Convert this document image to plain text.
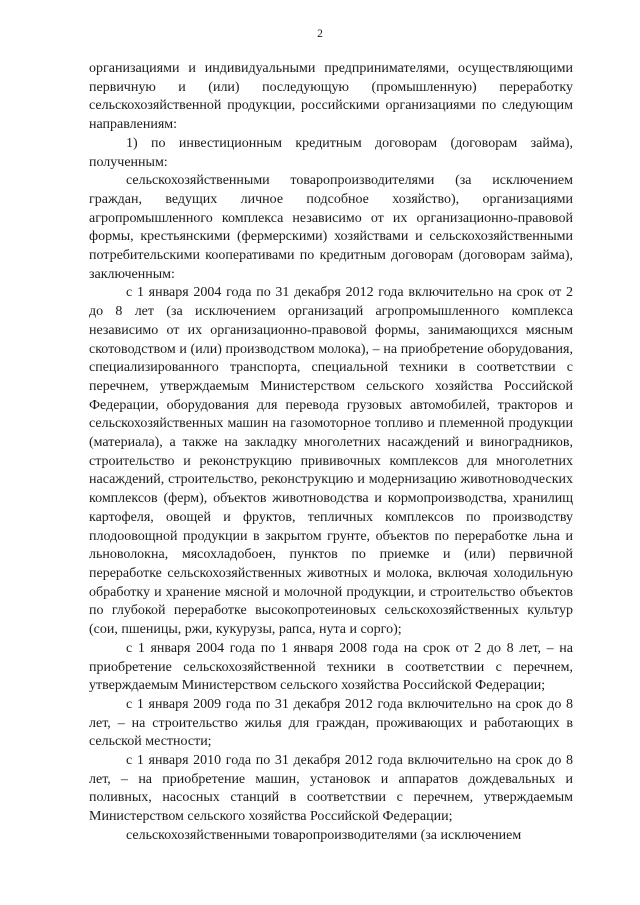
2

организациями и индивидуальными предпринимателями, осуществляющими первичную и (или) последующую (промышленную) переработку сельскохозяйственной продукции, российскими организациями по следующим направлениям:

1) по инвестиционным кредитным договорам (договорам займа), полученным:

сельскохозяйственными товаропроизводителями (за исключением граждан, ведущих личное подсобное хозяйство), организациями агропромышленного комплекса независимо от их организационно-правовой формы, крестьянскими (фермерскими) хозяйствами и сельскохозяйственными потребительскими кооперативами по кредитным договорам (договорам займа), заключенным:

с 1 января 2004 года по 31 декабря 2012 года включительно на срок от 2 до 8 лет (за исключением организаций агропромышленного комплекса независимо от их организационно-правовой формы, занимающихся мясным скотоводством и (или) производством молока), – на приобретение оборудования, специализированного транспорта, специальной техники в соответствии с перечнем, утверждаемым Министерством сельского хозяйства Российской Федерации, оборудования для перевода грузовых автомобилей, тракторов и сельскохозяйственных машин на газомоторное топливо и племенной продукции (материала), а также на закладку многолетних насаждений и виноградников, строительство и реконструкцию прививочных комплексов для многолетних насаждений, строительство, реконструкцию и модернизацию животноводческих комплексов (ферм), объектов животноводства и кормопроизводства, хранилищ картофеля, овощей и фруктов, тепличных комплексов по производству плодоовощной продукции в закрытом грунте, объектов по переработке льна и льноволокна, мясохладобоен, пунктов по приемке и (или) первичной переработке сельскохозяйственных животных и молока, включая холодильную обработку и хранение мясной и молочной продукции, и строительство объектов по глубокой переработке высокопротеиновых сельскохозяйственных культур (сои, пшеницы, ржи, кукурузы, рапса, нута и сорго);

с 1 января 2004 года по 1 января 2008 года на срок от 2 до 8 лет, – на приобретение сельскохозяйственной техники в соответствии с перечнем, утверждаемым Министерством сельского хозяйства Российской Федерации;

с 1 января 2009 года по 31 декабря 2012 года включительно на срок до 8 лет, – на строительство жилья для граждан, проживающих и работающих в сельской местности;

с 1 января 2010 года по 31 декабря 2012 года включительно на срок до 8 лет, – на приобретение машин, установок и аппаратов дождевальных и поливных, насосных станций в соответствии с перечнем, утверждаемым Министерством сельского хозяйства Российской Федерации;

сельскохозяйственными товаропроизводителями (за исключением
